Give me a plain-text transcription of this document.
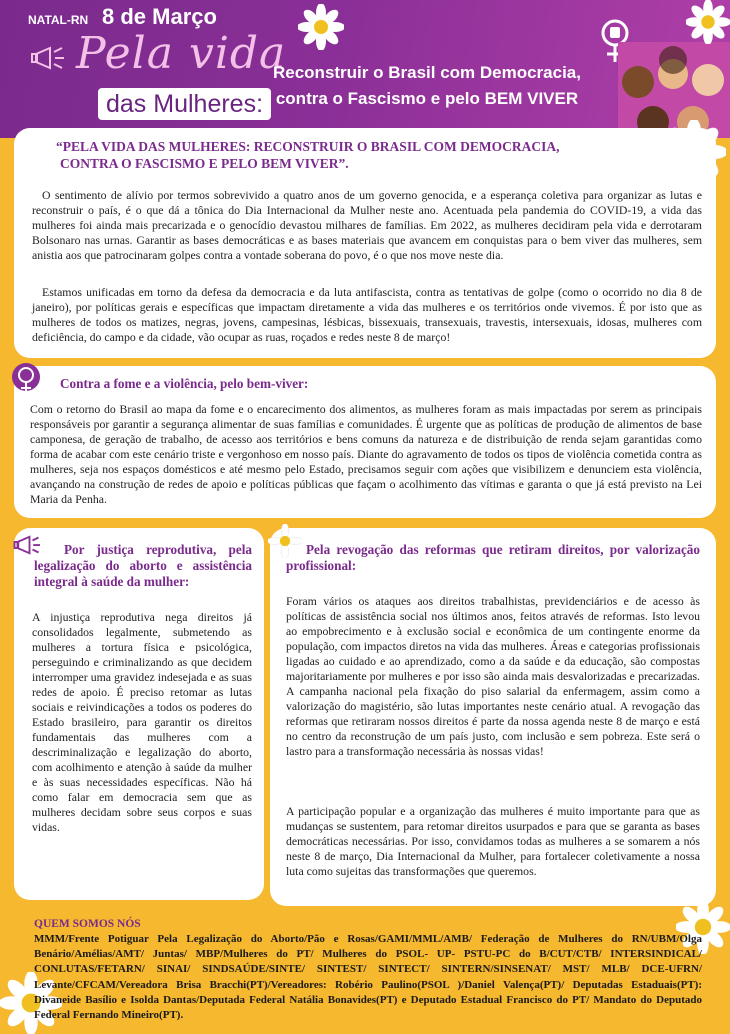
NATAL-RN 8 de Março
Pela vida
das Mulheres:
Reconstruir o Brasil com Democracia,
contra o Fascismo e pelo BEM VIVER
“PELA VIDA DAS MULHERES: RECONSTRUIR O BRASIL COM DEMOCRACIA,
CONTRA O FASCISMO E PELO BEM VIVER”.
O sentimento de alívio por termos sobrevivido a quatro anos de um governo genocida, e a esperança coletiva para organizar as lutas e reconstruir o país, é o que dá a tônica do Dia Internacional da Mulher neste ano. Acentuada pela pandemia do COVID-19, a vida das mulheres foi ainda mais precarizada e o genocídio devastou milhares de famílias. Em 2022, as mulheres decidiram pela vida e derrotaram Bolsonaro nas urnas. Garantir as bases democráticas e as bases materiais que avancem em conquistas para o bem viver das mulheres, sem anistia aos que patrocinaram golpes contra a vontade soberana do povo, é o que nos move neste dia.
Estamos unificadas em torno da defesa da democracia e da luta antifascista, contra as tentativas de golpe (como o ocorrido no dia 8 de janeiro), por políticas gerais e específicas que impactam diretamente a vida das mulheres e os territórios onde vivemos. É por isto que as mulheres de todos os matizes, negras, jovens, campesinas, lésbicas, bissexuais, transexuais, travestis, intersexuais, idosas, mulheres com deficiência, do campo e da cidade, vão ocupar as ruas, roçados e redes neste 8 de março!
Contra a fome e a violência, pelo bem-viver:
Com o retorno do Brasil ao mapa da fome e o encarecimento dos alimentos, as mulheres foram as mais impactadas por serem as principais responsáveis por garantir a segurança alimentar de suas famílias e comunidades. É urgente que as políticas de produção de alimentos de base camponesa, de geração de trabalho, de acesso aos territórios e bens comuns da natureza e de distribuição de renda sejam garantidas como forma de acabar com este cenário triste e vergonhoso em nosso país. Diante do agravamento de todos os tipos de violência cometida contra as mulheres, seja nos espaços domésticos e até mesmo pelo Estado, precisamos seguir com ações que visibilizem e denunciem esta violência, avançando na construção de redes de apoio e políticas públicas que façam o acolhimento das vítimas e garanta o que já está previsto na Lei Maria da Penha.
Por justiça reprodutiva, pela legalização do aborto e assistência integral à saúde da mulher:
A injustiça reprodutiva nega direitos já consolidados legalmente, submetendo as mulheres a tortura física e psicológica, perseguindo e criminalizando as que decidem interromper uma gravidez indesejada e as suas redes de apoio. É preciso retomar as lutas sociais e reivindicações a todos os poderes do Estado brasileiro, para garantir os direitos fundamentais das mulheres com a descriminalização e legalização do aborto, com acolhimento e atenção à saúde da mulher e às suas necessidades específicas. Não há como falar em democracia sem que as mulheres decidam sobre seus corpos e suas vidas.
Pela revogação das reformas que retiram direitos, por valorização profissional:
Foram vários os ataques aos direitos trabalhistas, previdenciários e de acesso às políticas de assistência social nos últimos anos, feitos através de reformas. Isto levou ao empobrecimento e à exclusão social e econômica de um contingente enorme da população, com impactos diretos na vida das mulheres. Áreas e categorias profissionais ligadas ao cuidado e ao aprendizado, como a da saúde e da educação, são compostas majoritariamente por mulheres e por isso são ainda mais desvalorizadas e precarizadas. A campanha nacional pela fixação do piso salarial da enfermagem, assim como a valorização do magistério, são lutas importantes neste cenário atual. A revogação das reformas que retiraram nossos direitos é parte da nossa agenda neste 8 de março e está no centro da reconstrução de um país justo, com inclusão e sem pobreza. Este será o lastro para a transformação necessária às nossas vidas!
A participação popular e a organização das mulheres é muito importante para que as mudanças se sustentem, para retomar direitos usurpados e para que se garanta as bases democráticas necessárias. Por isso, convidamos todas as mulheres a se somarem a nós neste 8 de março, Dia Internacional da Mulher, para fortalecer coletivamente a nossa luta como sujeitas das transformações que queremos.
QUEM SOMOS NÓS
MMM/Frente Potiguar Pela Legalização do Aborto/Pão e Rosas/GAMI/MML/AMB/ Federação de Mulheres do RN/UBM/Olga Benário/Amélias/AMT/ Juntas/ MBP/Mulheres do PT/ Mulheres do PSOL- UP- PSTU-PC do B/CUT/CTB/ INTERSINDICAL/ CONLUTAS/FETARN/ SINAI/ SINDSAÚDE/SINTE/ SINTEST/ SINTECT/ SINTERN/SINSENAT/ MST/ MLB/ DCE-UFRN/ Levante/CFCAM/Vereadora Brisa Bracchi(PT)/Vereadores: Robério Paulino(PSOL )/Daniel Valença(PT)/ Deputadas Estaduais(PT): Divaneide Basílio e Isolda Dantas/Deputada Federal Natália Bonavides(PT) e Deputado Estadual Francisco do PT/ Mandato do Deputado Federal Fernando Mineiro(PT).
